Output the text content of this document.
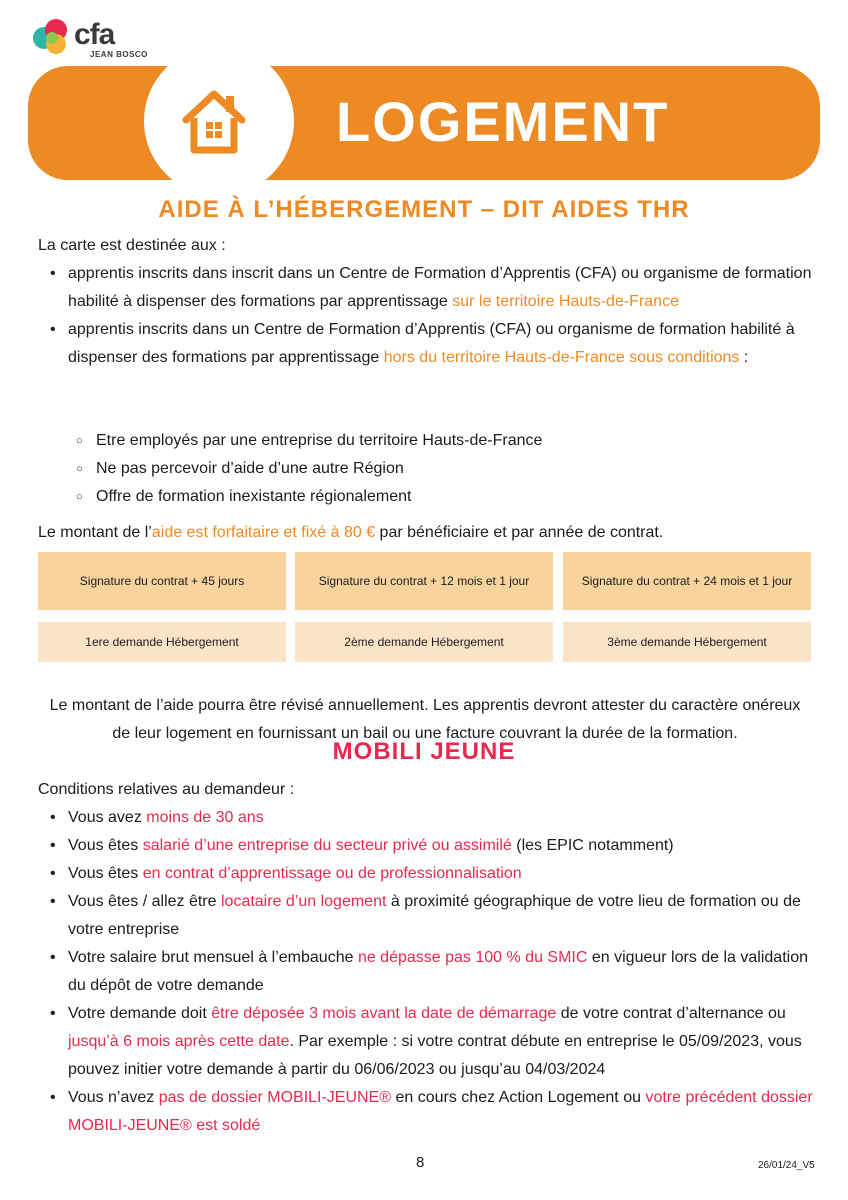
cfa
JEAN BOSCO
LOGEMENT
AIDE À L’HÉBERGEMENT – DIT AIDES THR

La carte est destinée aux :

• apprentis inscrits dans inscrit dans un Centre de Formation d’Apprentis (CFA) ou organisme de formation habilité à dispenser des formations par apprentissage sur le territoire Hauts-de-France
• apprentis inscrits dans un Centre de Formation d’Apprentis (CFA) ou organisme de formation habilité à dispenser des formations par apprentissage hors du territoire Hauts-de-France sous conditions :
○ Etre employés par une entreprise du territoire Hauts-de-France
○ Ne pas percevoir d’aide d’une autre Région
○ Offre de formation inexistante régionalement

Le montant de l’aide est forfaitaire et fixé à 80 € par bénéficiaire et par année de contrat.

Signature du contrat + 45 jours	Signature du contrat + 12 mois et 1 jour	Signature du contrat + 24 mois et 1 jour
1ere demande Hébergement	2ème demande Hébergement	3ème demande Hébergement

Le montant de l’aide pourra être révisé annuellement. Les apprentis devront attester du caractère onéreux de leur logement en fournissant un bail ou une facture couvrant la durée de la formation.

MOBILI JEUNE

Conditions relatives au demandeur :

• Vous avez moins de 30 ans
• Vous êtes salarié d’une entreprise du secteur privé ou assimilé (les EPIC notamment)
• Vous êtes en contrat d’apprentissage ou de professionnalisation
• Vous êtes / allez être locataire d’un logement à proximité géographique de votre lieu de formation ou de votre entreprise
• Votre salaire brut mensuel à l’embauche ne dépasse pas 100 % du SMIC en vigueur lors de la validation du dépôt de votre demande
• Votre demande doit être déposée 3 mois avant la date de démarrage de votre contrat d’alternance ou jusqu’à 6 mois après cette date. Par exemple : si votre contrat débute en entreprise le 05/09/2023, vous pouvez initier votre demande à partir du 06/06/2023 ou jusqu’au 04/03/2024
• Vous n’avez pas de dossier MOBILI-JEUNE® en cours chez Action Logement ou votre précédent dossier MOBILI-JEUNE® est soldé
8	26/01/24_V5
